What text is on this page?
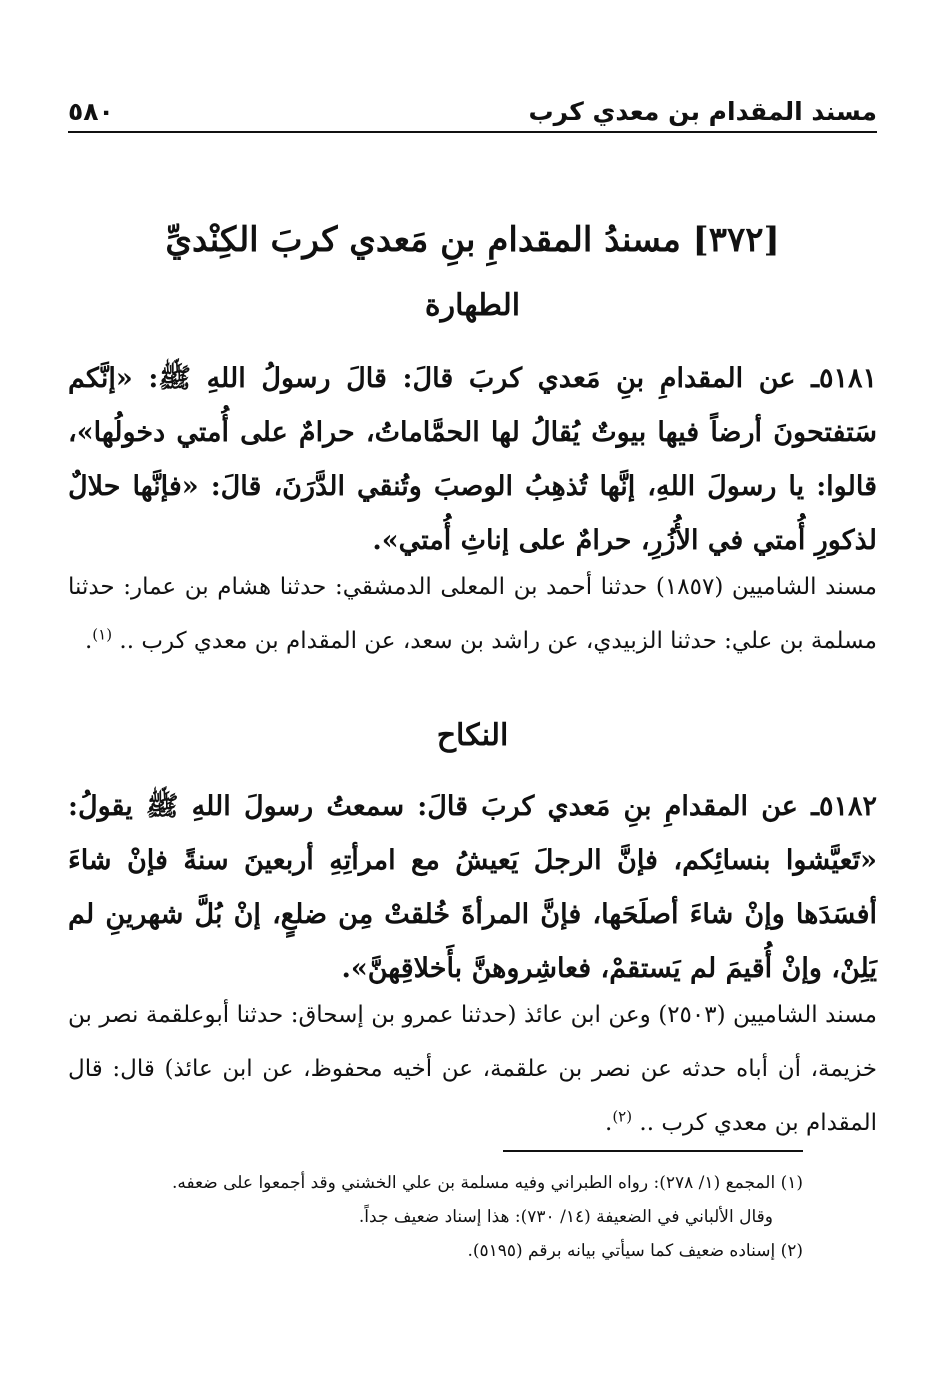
مسند المقدام بن معدي كرب
٥٨٠
[٣٧٢] مسندُ المقدامِ بنِ مَعدي كربَ الكِنْديِّ
الطهارة

٥١٨١ـ عن المقدامِ بنِ مَعدي كربَ قالَ: قالَ رسولُ اللهِ ﷺ: «إنَّكم سَتفتحونَ أرضاً فيها بيوتٌ يُقالُ لها الحمَّاماتُ، حرامٌ على أُمتي دخولُها»، قالوا: يا رسولَ اللهِ، إنَّها تُذهِبُ الوصبَ وتُنقي الدَّرَنَ، قالَ: «فإنَّها حلالٌ لذكورِ أُمتي في الأُزُرِ، حرامٌ على إناثِ أُمتي».

مسند الشاميين (١٨٥٧) حدثنا أحمد بن المعلى الدمشقي: حدثنا هشام بن عمار: حدثنا مسلمة بن علي: حدثنا الزبيدي، عن راشد بن سعد، عن المقدام بن معدي كرب .. $^{(١)}$.

النكاح

٥١٨٢ـ عن المقدامِ بنِ مَعدي كربَ قالَ: سمعتُ رسولَ اللهِ ﷺ يقولُ: «تَعيَّشوا بنسائِكم، فإنَّ الرجلَ يَعيشُ مع امرأتِهِ أربعينَ سنةً فإنْ شاءَ أفسَدَها وإنْ شاءَ أصلَحَها، فإنَّ المرأةَ خُلقتْ مِن ضلعٍ، إنْ بُلَّ شهرينِ لم يَلِنْ، وإنْ أُقيمَ لم يَستقمْ، فعاشِروهنَّ بأَخلاقِهنَّ».

مسند الشاميين (٢٥٠٣) وعن ابن عائذ (حدثنا عمرو بن إسحاق: حدثنا أبوعلقمة نصر بن خزيمة، أن أباه حدثه عن نصر بن علقمة، عن أخيه محفوظ، عن ابن عائذ) قال: قال المقدام بن معدي كرب .. $^{(٢)}$.

(١) المجمع (١/ ٢٧٨): رواه الطبراني وفيه مسلمة بن علي الخشني وقد أجمعوا على ضعفه.

وقال الألباني في الضعيفة (١٤/ ٧٣٠): هذا إسناد ضعيف جداً.

(٢) إسناده ضعيف كما سيأتي بيانه برقم (٥١٩٥).
